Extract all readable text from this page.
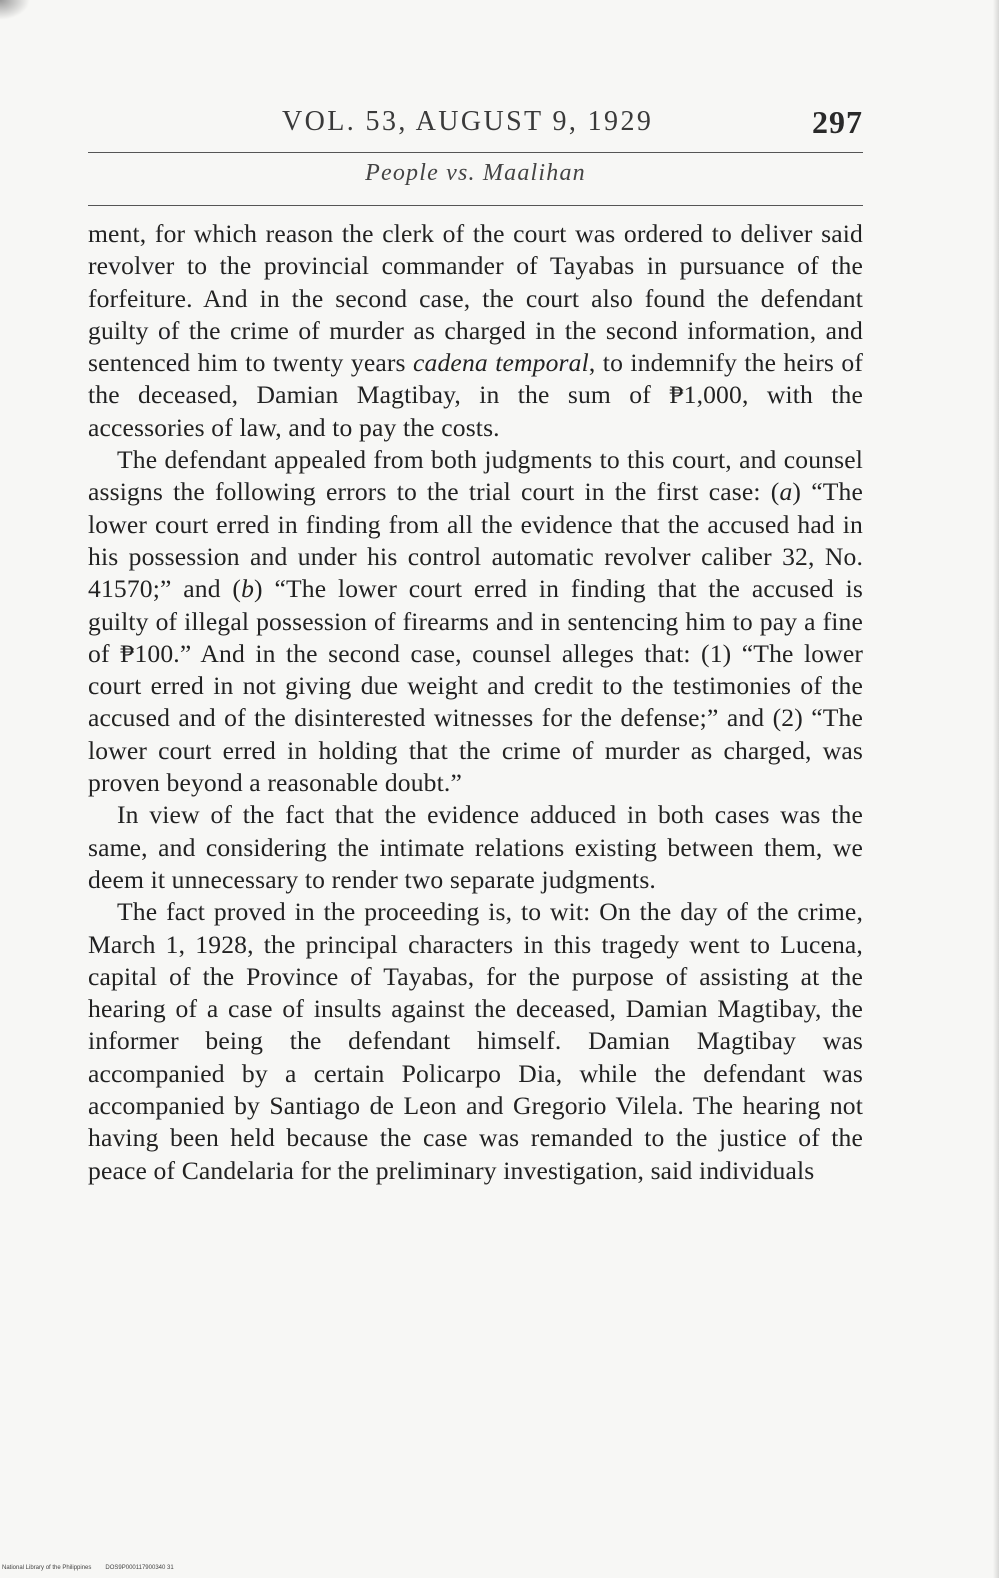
VOL. 53, AUGUST 9, 1929	297
People vs. Maalihan

ment, for which reason the clerk of the court was ordered to deliver said revolver to the provincial commander of Tayabas in pursuance of the forfeiture. And in the second case, the court also found the defendant guilty of the crime of murder as charged in the second information, and sentenced him to twenty years cadena temporal, to indemnify the heirs of the deceased, Damian Magtibay, in the sum of ₱1,000, with the accessories of law, and to pay the costs.

The defendant appealed from both judgments to this court, and counsel assigns the following errors to the trial court in the first case: (a) “The lower court erred in finding from all the evidence that the accused had in his possession and under his control automatic revolver caliber 32, No. 41570;” and (b) “The lower court erred in finding that the accused is guilty of illegal possession of firearms and in sentencing him to pay a fine of ₱100.” And in the second case, counsel alleges that: (1) “The lower court erred in not giving due weight and credit to the testimonies of the accused and of the disinterested witnesses for the defense;” and (2) “The lower court erred in holding that the crime of murder as charged, was proven beyond a reasonable doubt.”

In view of the fact that the evidence adduced in both cases was the same, and considering the intimate relations existing between them, we deem it unnecessary to render two separate judgments.

The fact proved in the proceeding is, to wit: On the day of the crime, March 1, 1928, the principal characters in this tragedy went to Lucena, capital of the Province of Tayabas, for the purpose of assisting at the hearing of a case of insults against the deceased, Damian Magtibay, the informer being the defendant himself. Damian Magtibay was accompanied by a certain Policarpo Dia, while the defendant was accompanied by Santiago de Leon and Gregorio Vilela. The hearing not having been held because the case was remanded to the justice of the peace of Candelaria for the preliminary investigation, said individuals

National Library of the Philippines DOS9P000117900340 31
